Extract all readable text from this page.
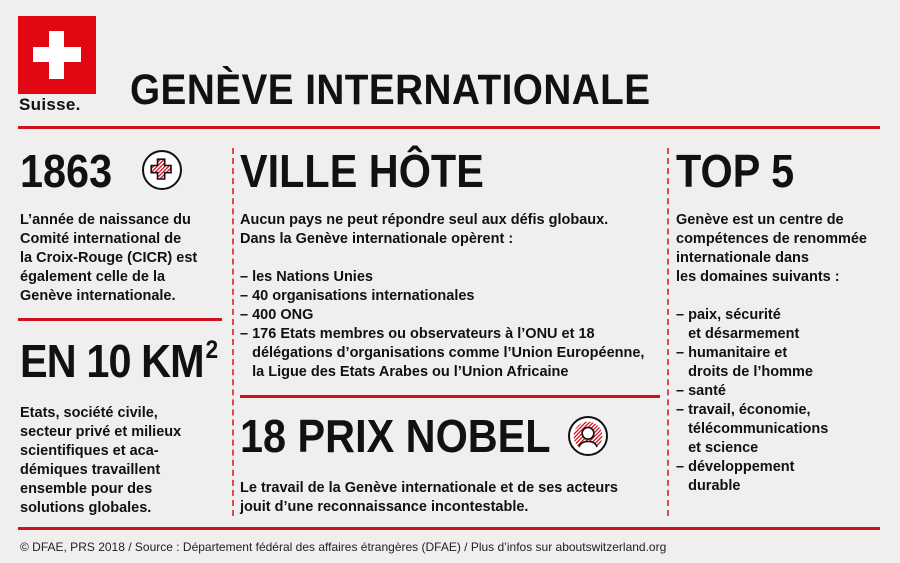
Suisse. GENÈVE INTERNATIONALE
1863
L’année de naissance du
Comité international de
la Croix-Rouge (CICR) est
également celle de la
Genève internationale.
EN 10 $KM^2$
Etats, société civile,
secteur privé et milieux
scientifiques et aca-
démiques travaillent
ensemble pour des
solutions globales.
VILLE HÔTE
Aucun pays ne peut répondre seul aux défis globaux.
Dans la Genève internationale opèrent :
– les Nations Unies
– 40 organisations internationales
– 400 ONG
– 176 Etats membres ou observateurs à l’ONU et 18
délégations d’organisations comme l’Union Européenne,
la Ligue des Etats Arabes ou l’Union Africaine
18 PRIX NOBEL
Le travail de la Genève internationale et de ses acteurs
jouit d’une reconnaissance incontestable.
TOP 5
Genève est un centre de
compétences de renommée
internationale dans
les domaines suivants :
– paix, sécurité
et désarmement
– humanitaire et
droits de l’homme
– santé
– travail, économie,
télécommunications
et science
– développement
durable
© DFAE, PRS 2018 / Source : Département fédéral des affaires étrangères (DFAE) / Plus d’infos sur aboutswitzerland.org
